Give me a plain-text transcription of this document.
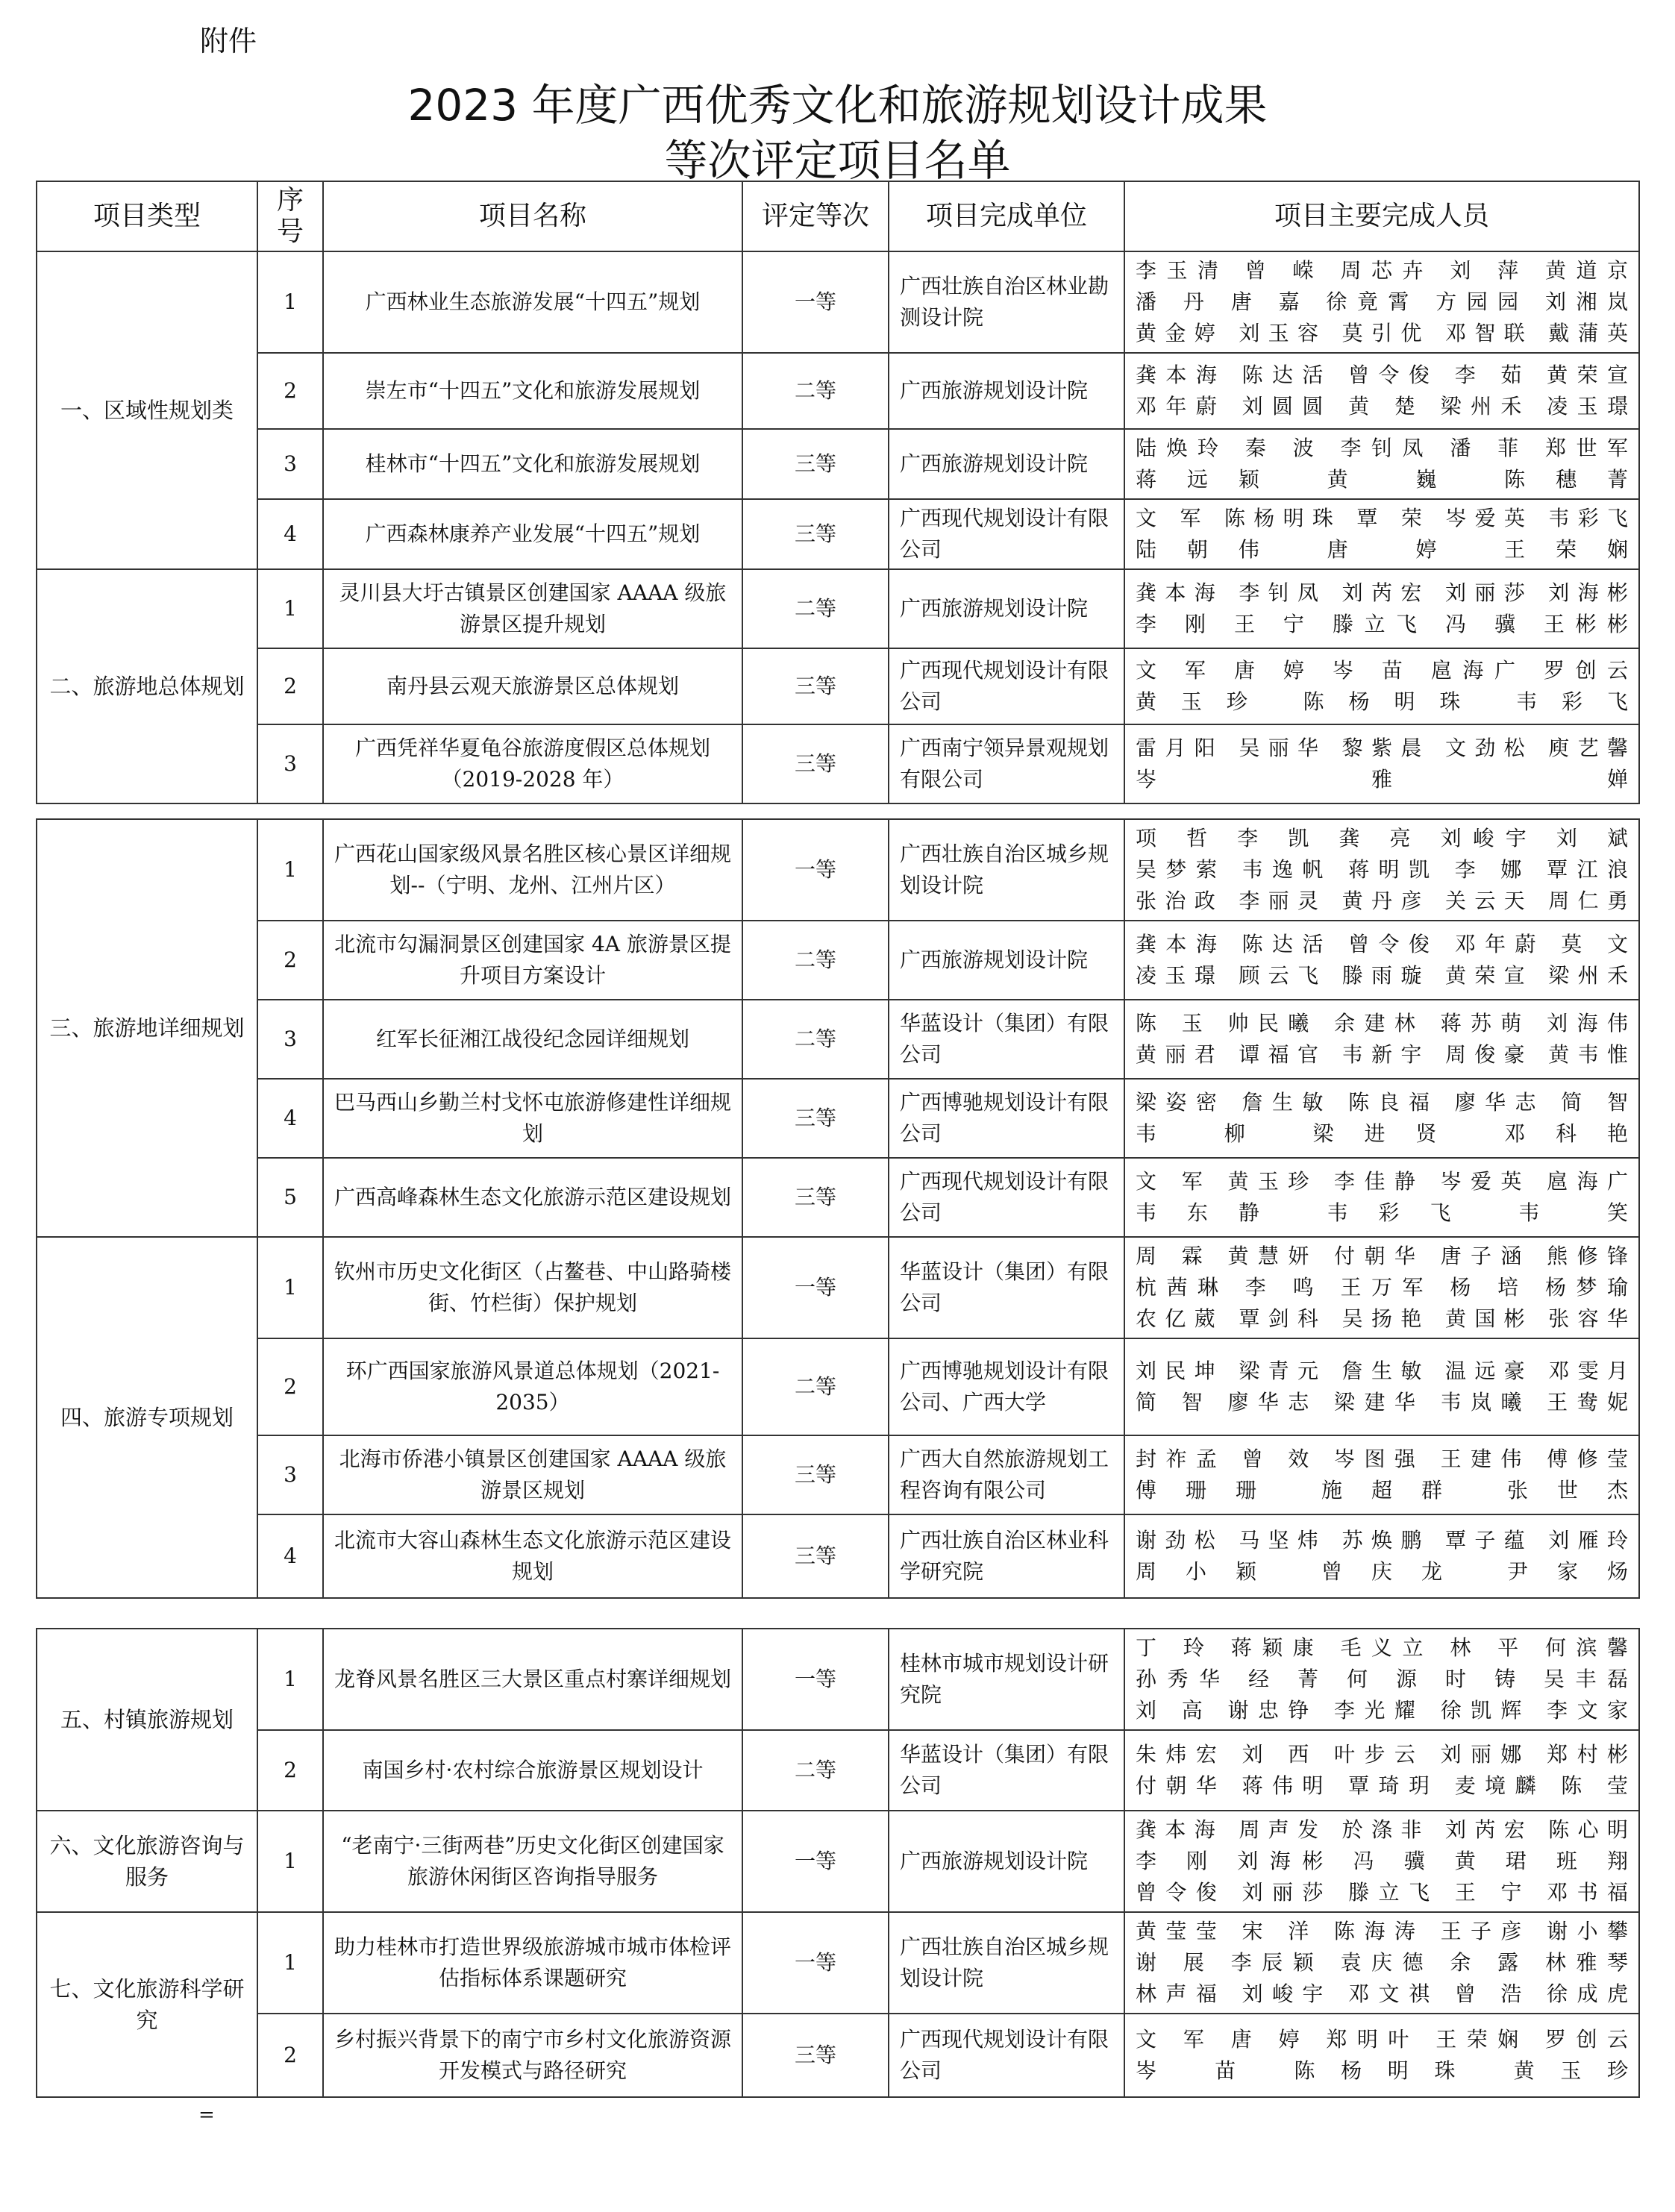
附件
2023 年度广西优秀文化和旅游规划设计成果
等次评定项目名单
项目类型	序号	项目名称	评定等次	项目完成单位	项目主要完成人员
一、区域性规划类	1	广西林业生态旅游发展“十四五”规划	一等	广西壮族自治区林业勘测设计院	李玉清 曾 嵘 周芯卉 刘 萍 黄道京
潘 丹 唐 嘉 徐竟霄 方园园 刘湘岚
黄金婷 刘玉容 莫引优 邓智联 戴蒲英

	2	崇左市“十四五”文化和旅游发展规划	二等	广西旅游规划设计院	龚本海 陈达活 曾令俊 李 茹 黄荣宣
邓年蔚 刘圆圆 黄 楚 梁州禾 凌玉璟

	3	桂林市“十四五”文化和旅游发展规划	三等	广西旅游规划设计院	陆焕玲 秦 波 李钊凤 潘 菲 郑世军
蒋远颖 黄 巍 陈穗菁

	4	广西森林康养产业发展“十四五”规划	三等	广西现代规划设计有限公司	文 军 陈杨明珠 覃 荣 岑爱英 韦彩飞
陆朝伟 唐 婷 王荣娴

二、旅游地总体规划	1	灵川县大圩古镇景区创建国家 AAAA 级旅游景区提升规划	二等	广西旅游规划设计院	龚本海 李钊凤 刘芮宏 刘丽莎 刘海彬
李 刚 王 宁 滕立飞 冯 骥 王彬彬

	2	南丹县云观天旅游景区总体规划	三等	广西现代规划设计有限公司	文 军 唐 婷 岑 苗 扈海广 罗创云
黄玉珍 陈杨明珠 韦彩飞

	3	广西凭祥华夏龟谷旅游度假区总体规划（2019-2028 年）	三等	广西南宁领异景观规划有限公司	雷月阳 吴丽华 黎紫晨 文劲松 庾艺馨
岑雅婵
三、旅游地详细规划	1	广西花山国家级风景名胜区核心景区详细规划--（宁明、龙州、江州片区）	一等	广西壮族自治区城乡规划设计院	项 哲 李 凯 龚 亮 刘峻宇 刘 斌
吴梦萦 韦逸帆 蒋明凯 李 娜 覃江浪
张治政 李丽灵 黄丹彦 关云天 周仁勇

	2	北流市勾漏洞景区创建国家 4A 旅游景区提升项目方案设计	二等	广西旅游规划设计院	龚本海 陈达活 曾令俊 邓年蔚 莫 文
凌玉璟 顾云飞 滕雨璇 黄荣宣 梁州禾

	3	红军长征湘江战役纪念园详细规划	二等	华蓝设计（集团）有限公司	陈 玉 帅民曦 余建林 蒋苏萌 刘海伟
黄丽君 谭福官 韦新宇 周俊豪 黄韦惟

	4	巴马西山乡勤兰村戈怀屯旅游修建性详细规划	三等	广西博驰规划设计有限公司	梁姿密 詹生敏 陈良福 廖华志 简 智
韦 柳 梁进贤 邓科艳

	5	广西高峰森林生态文化旅游示范区建设规划	三等	广西现代规划设计有限公司	文 军 黄玉珍 李佳静 岑爱英 扈海广
韦东静 韦彩飞 韦 笑

四、旅游专项规划	1	钦州市历史文化街区（占鳌巷、中山路骑楼街、竹栏街）保护规划	一等	华蓝设计（集团）有限公司	周 霖 黄慧妍 付朝华 唐子涵 熊修锋
杭茜琳 李 鸣 王万军 杨 培 杨梦瑜
农亿葳 覃剑科 吴扬艳 黄国彬 张容华

	2	环广西国家旅游风景道总体规划（2021-2035）	二等	广西博驰规划设计有限公司、广西大学	刘民坤 梁青元 詹生敏 温远豪 邓雯月
简 智 廖华志 梁建华 韦岚曦 王鸯妮

	3	北海市侨港小镇景区创建国家 AAAA 级旅游景区规划	三等	广西大自然旅游规划工程咨询有限公司	封祚孟 曾 效 岑图强 王建伟 傅修莹
傅珊珊 施超群 张世杰

	4	北流市大容山森林生态文化旅游示范区建设规划	三等	广西壮族自治区林业科学研究院	谢劲松 马坚炜 苏焕鹏 覃子蕴 刘雁玲
周小颖 曾庆龙 尹家炀
五、村镇旅游规划	1	龙脊风景名胜区三大景区重点村寨详细规划	一等	桂林市城市规划设计研究院	丁 玲 蒋颖康 毛义立 林 平 何滨馨
孙秀华 经 菁 何 源 时 铸 吴丰磊
刘 高 谢忠铮 李光耀 徐凯辉 李文家

	2	南国乡村·农村综合旅游景区规划设计	二等	华蓝设计（集团）有限公司	朱炜宏 刘 西 叶步云 刘丽娜 郑村彬
付朝华 蒋伟明 覃琦玥 麦境麟 陈 莹

六、文化旅游咨询与服务	1	“老南宁·三街两巷”历史文化街区创建国家旅游休闲街区咨询指导服务	一等	广西旅游规划设计院	龚本海 周声发 於涤非 刘芮宏 陈心明
李 刚 刘海彬 冯 骥 黄 珺 班 翔
曾令俊 刘丽莎 滕立飞 王 宁 邓书福

七、文化旅游科学研究	1	助力桂林市打造世界级旅游城市城市体检评估指标体系课题研究	一等	广西壮族自治区城乡规划设计院	黄莹莹 宋 洋 陈海涛 王子彦 谢小攀
谢 展 李辰颖 袁庆德 余 露 林雅琴
林声福 刘峻宇 邓文祺 曾 浩 徐成虎

	2	乡村振兴背景下的南宁市乡村文化旅游资源开发模式与路径研究	三等	广西现代规划设计有限公司	文 军 唐 婷 郑明叶 王荣娴 罗创云
岑 苗 陈杨明珠 黄玉珍
=
